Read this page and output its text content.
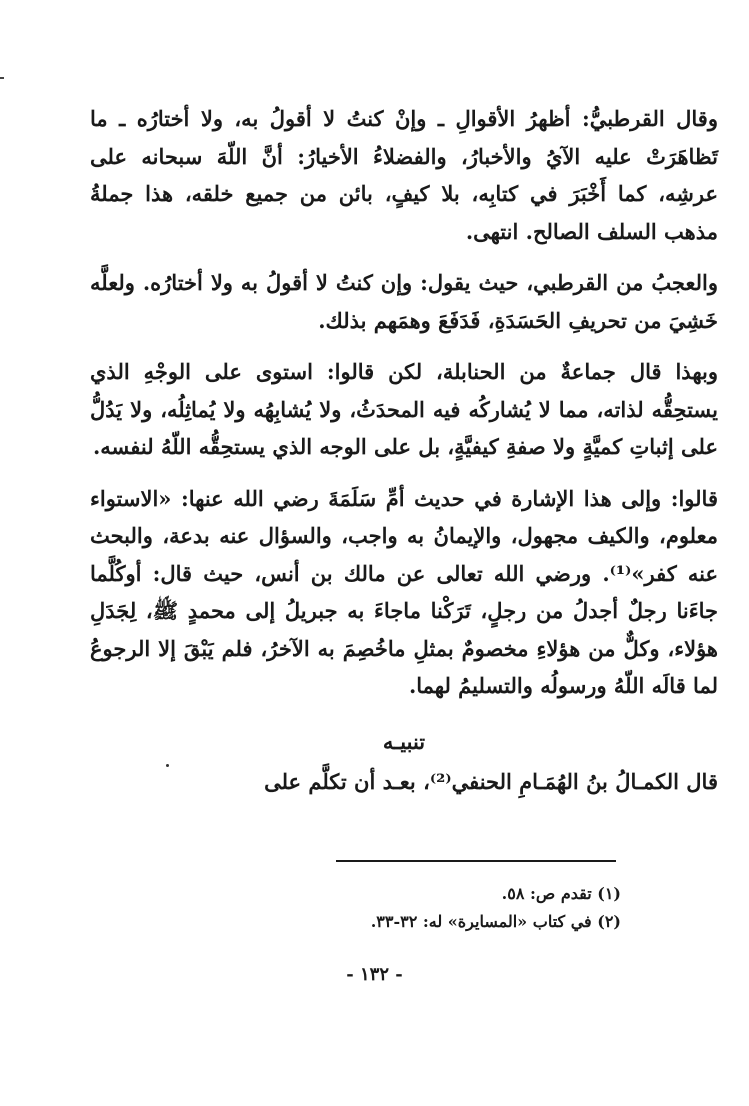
وقال القرطبيُّ: أظهرُ الأقوالِ ـ وإنْ كنتُ لا أقولُ به، ولا أختارُه ـ ما تَظاهَرَتْ عليه الآيُ والأخبارُ، والفضلاءُ الأخيارُ: أنَّ اللّهَ سبحانه على عرشِه، كما أَخْبَرَ في كتابِه، بلا كيفٍ، بائن من جميع خلقه، هذا جملةُ مذهب السلف الصالح. انتهى.

والعجبُ من القرطبي، حيث يقول: وإن كنتُ لا أقولُ به ولا أختارُه. ولعلَّه خَشِيَ من تحريفِ الحَسَدَةِ، فَدَفَعَ وهمَهم بذلك.

وبهذا قال جماعةٌ من الحنابلة، لكن قالوا: استوى على الوجْهِ الذي يستحِقُّه لذاته، مما لا يُشاركُه فيه المحدَثُ، ولا يُشابِهُه ولا يُماثِلُه، ولا يَدُلُّ على إثباتِ كميَّةٍ ولا صفةِ كيفيَّةٍ، بل على الوجه الذي يستحِقُّه اللّهُ لنفسه.

قالوا: وإلى هذا الإشارة في حديث أمِّ سَلَمَةَ رضي الله عنها: «الاستواء معلوم، والكيف مجهول، والإيمانُ به واجب، والسؤال عنه بدعة، والبحث عنه كفر»⁽¹⁾. ورضي الله تعالى عن مالك بن أنس، حيث قال: أوكُلَّما جاءَنا رجلٌ أجدلُ من رجلٍ، تَرَكْنا ماجاءَ به جبريلُ إلى محمدٍ ﷺ، لِجَدَلِ هؤلاء، وكلٌّ من هؤلاءِ مخصومٌ بمثلِ ماخُصِمَ به الآخرُ، فلم يَبْقَ إلا الرجوعُ لما قالَه اللّهُ ورسولُه والتسليمُ لهما.

تنبيـه

قال الكمـالُ بنُ الهُمَـامِ الحنفي⁽²⁾، بعـد أن تكلَّم على

(١) تقدم ص: ٥٨.
(٢) في كتاب «المسايرة» له: ٣٢-٣٣.
- ١٣٢ -
